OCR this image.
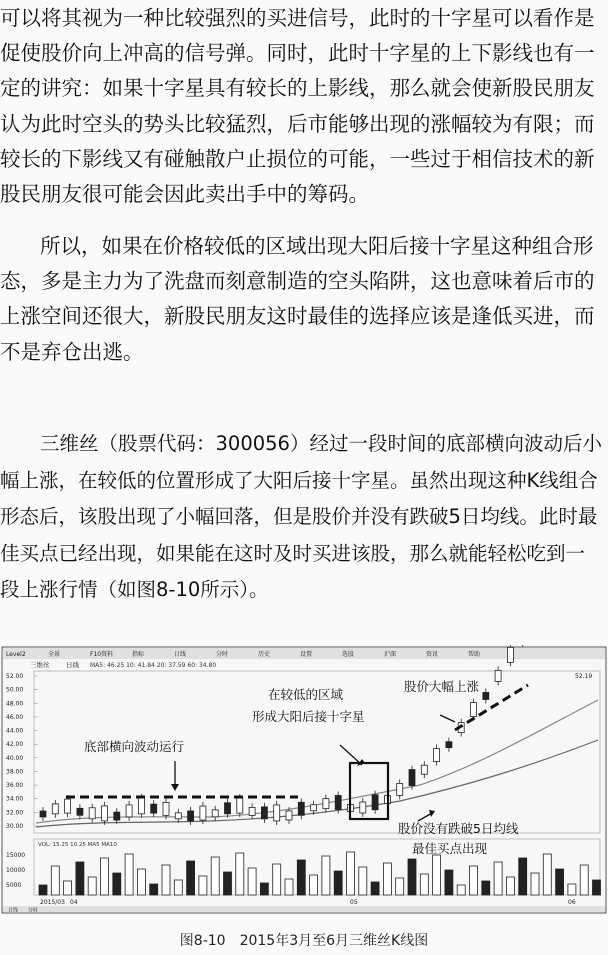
可以将其视为一种比较强烈的买进信号，此时的十字星可以看作是促使股价向上冲高的信号弹。同时，此时十字星的上下影线也有一定的讲究：如果十字星具有较长的上影线，那么就会使新股民朋友认为此时空头的势头比较猛烈，后市能够出现的涨幅较为有限；而较长的下影线又有碰触散户止损位的可能，一些过于相信技术的新股民朋友很可能会因此卖出手中的筹码。
所以，如果在价格较低的区域出现大阳后接十字星这种组合形态，多是主力为了洗盘而刻意制造的空头陷阱，这也意味着后市的上涨空间还很大，新股民朋友这时最佳的选择应该是逢低买进，而不是弃仓出逃。
三维丝（股票代码：300056）经过一段时间的底部横向波动后小幅上涨，在较低的位置形成了大阳后接十字星。虽然出现这种K线组合形态后，该股出现了小幅回落，但是股价并没有跌破5日均线。此时最佳买点已经出现，如果能在这时及时买进该股，那么就能轻松吃到一段上涨行情（如图8-10所示）。
Level2	全景	F10资料	指标	日线	分时	历史	设置	选股	沪深	资讯	帮助
三维丝	日线 MA5: 46.25 10: 41.84 20: 37.59 60: 34.80
52.00
50.00
48.00
46.00
44.00
42.00
40.00
38.00
36.00
34.00
32.00
30.00
15000
10000
5000
VOL: 15.25 10.25 MA5 MA10
52.19
底部横向波动运行
在较低的区域
形成大阳后接十字星
股价大幅上涨
股价没有跌破5日均线
最佳买点出现
2015/03 04	05	06
日线 分时
图8-10　2015年3月至6月三维丝K线图
